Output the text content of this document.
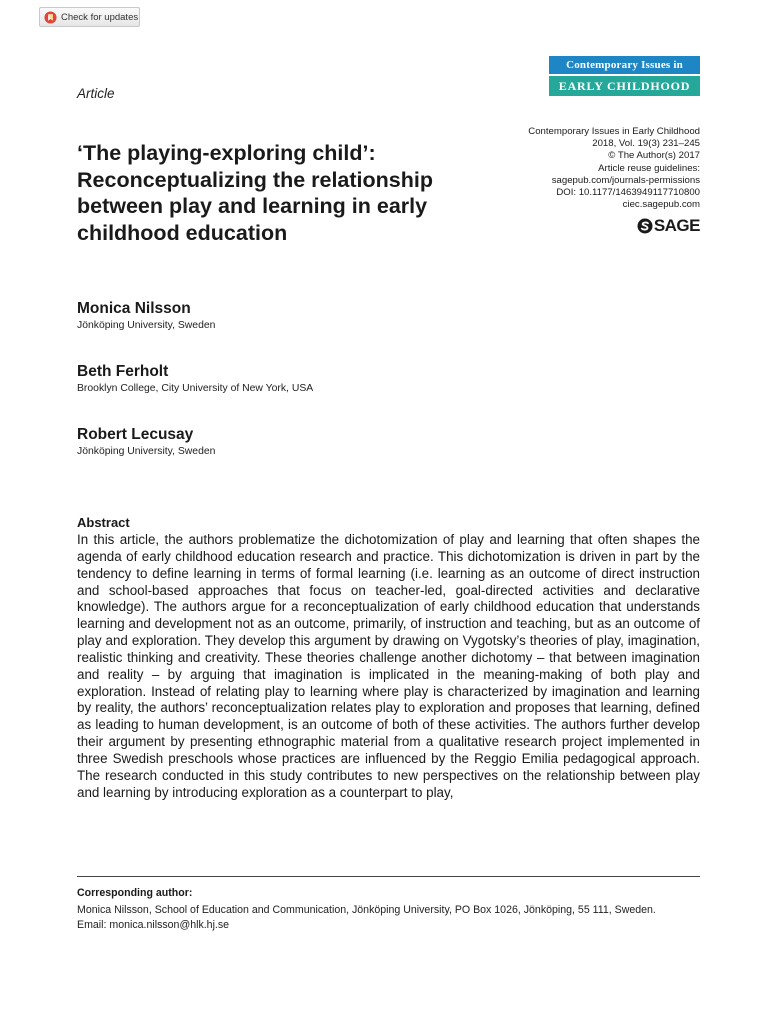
Check for updates
Contemporary Issues in
EARLY CHILDHOOD
Article
‘The playing-exploring child’: Reconceptualizing the relationship between play and learning in early childhood education
Contemporary Issues in Early Childhood
2018, Vol. 19(3) 231–245
© The Author(s) 2017
Article reuse guidelines:
sagepub.com/journals-permissions
DOI: 10.1177/1463949117710800
ciec.sagepub.com
SAGE
Monica Nilsson
Jönköping University, Sweden
Beth Ferholt
Brooklyn College, City University of New York, USA
Robert Lecusay
Jönköping University, Sweden
Abstract

In this article, the authors problematize the dichotomization of play and learning that often shapes the agenda of early childhood education research and practice. This dichotomization is driven in part by the tendency to define learning in terms of formal learning (i.e. learning as an outcome of direct instruction and school-based approaches that focus on teacher-led, goal-directed activities and declarative knowledge). The authors argue for a reconceptualization of early childhood education that understands learning and development not as an outcome, primarily, of instruction and teaching, but as an outcome of play and exploration. They develop this argument by drawing on Vygotsky’s theories of play, imagination, realistic thinking and creativity. These theories challenge another dichotomy – that between imagination and reality – by arguing that imagination is implicated in the meaning-making of both play and exploration. Instead of relating play to learning where play is characterized by imagination and learning by reality, the authors’ reconceptualization relates play to exploration and proposes that learning, defined as leading to human development, is an outcome of both of these activities. The authors further develop their argument by presenting ethnographic material from a qualitative research project implemented in three Swedish preschools whose practices are influenced by the Reggio Emilia pedagogical approach. The research conducted in this study contributes to new perspectives on the relationship between play and learning by introducing exploration as a counterpart to play,

Corresponding author:
Monica Nilsson, School of Education and Communication, Jönköping University, PO Box 1026, Jönköping, 55 111, Sweden.
Email: monica.nilsson@hlk.hj.se
